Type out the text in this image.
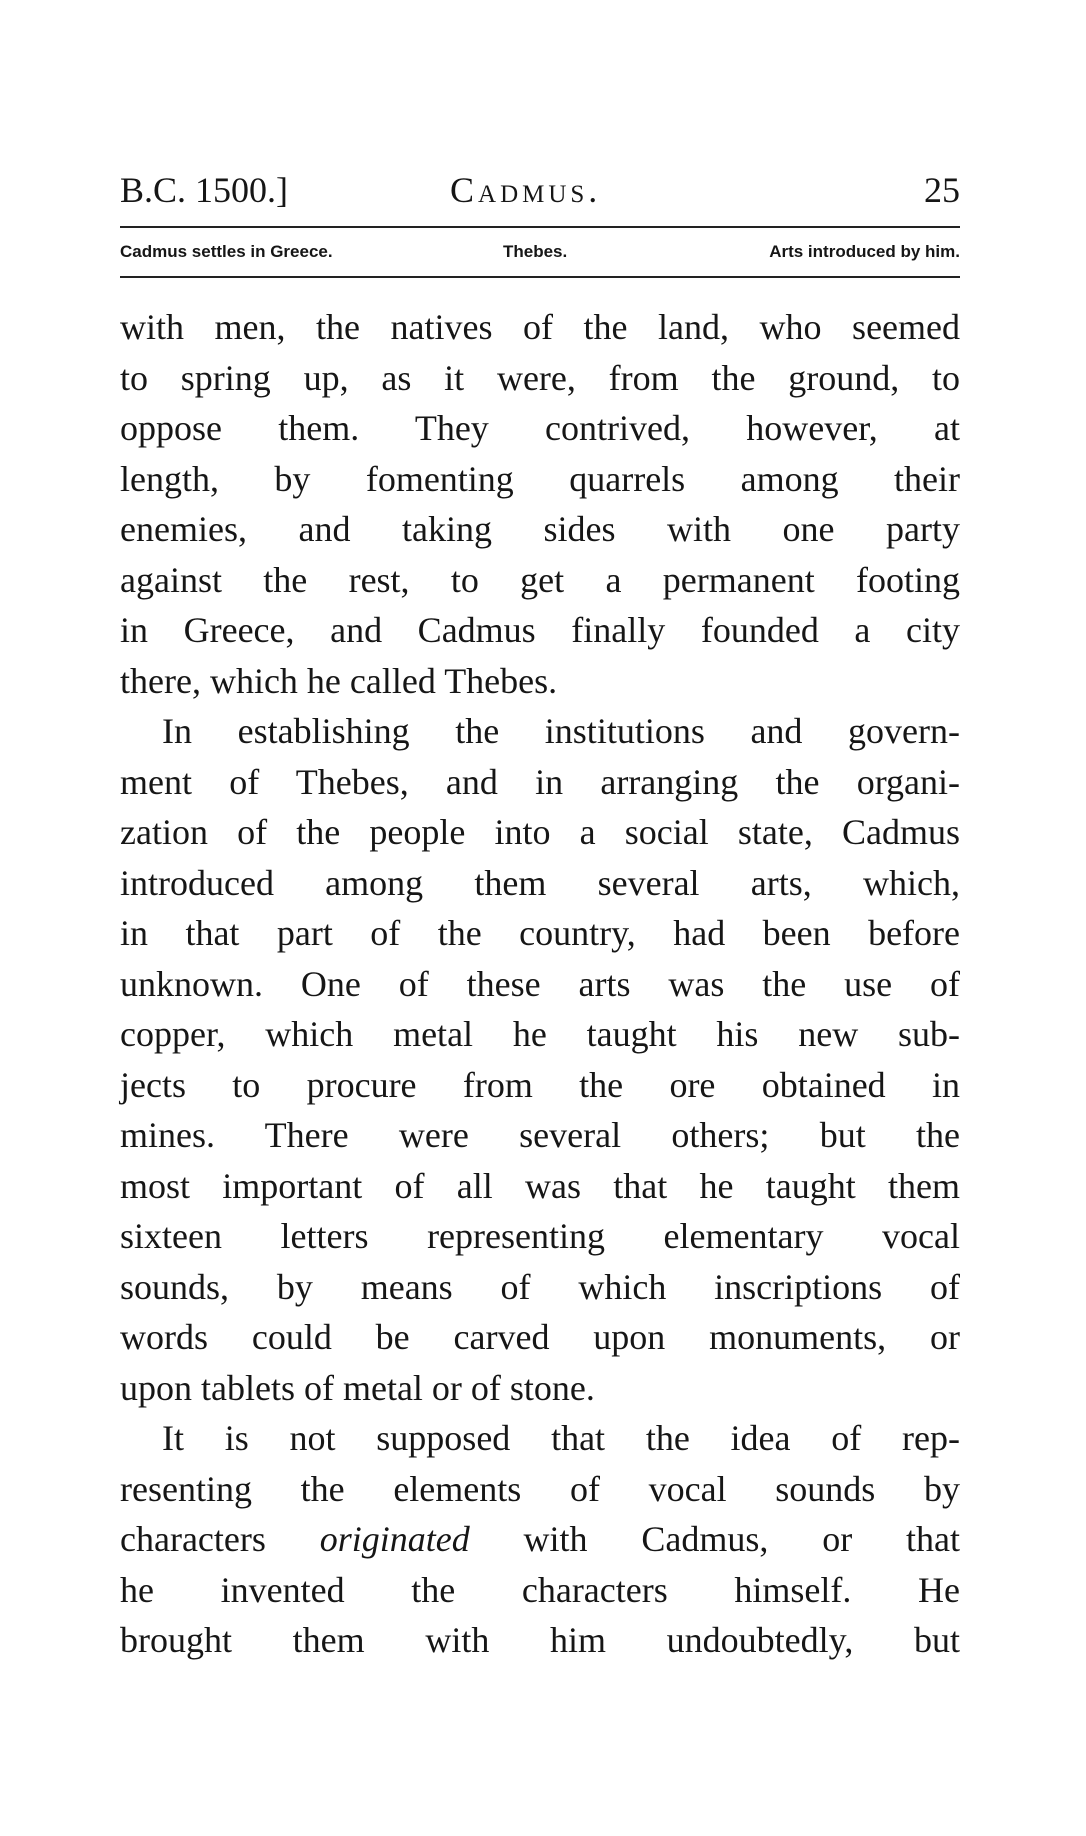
B.C. 1500.]	Cadmus.	25
Cadmus settles in Greece.	Thebes.	Arts introduced by him.
with men, the natives of the land, who seemed
to spring up, as it were, from the ground, to
oppose them. They contrived, however, at
length, by fomenting quarrels among their
enemies, and taking sides with one party
against the rest, to get a permanent footing
in Greece, and Cadmus finally founded a city
there, which he called Thebes.
In establishing the institutions and govern-
ment of Thebes, and in arranging the organi-
zation of the people into a social state, Cadmus
introduced among them several arts, which,
in that part of the country, had been before
unknown. One of these arts was the use of
copper, which metal he taught his new sub-
jects to procure from the ore obtained in
mines. There were several others; but the
most important of all was that he taught them
sixteen letters representing elementary vocal
sounds, by means of which inscriptions of
words could be carved upon monuments, or
upon tablets of metal or of stone.
It is not supposed that the idea of rep-
resenting the elements of vocal sounds by
characters originated with Cadmus, or that
he invented the characters himself. He
brought them with him undoubtedly, but
